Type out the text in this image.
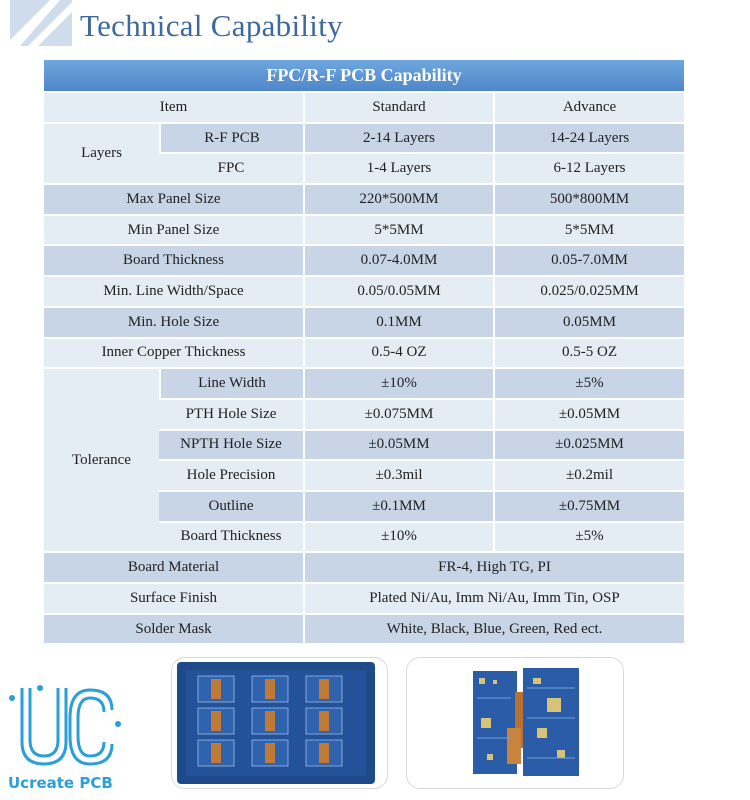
Technical Capability
FPC/R-F PCB Capability			
Item		Standard	Advance
Layers	R-F PCB	2-14 Layers	14-24 Layers
	FPC	1-4 Layers	6-12 Layers
Max Panel Size		220*500MM	500*800MM
Min Panel Size		5*5MM	5*5MM
Board Thickness		0.07-4.0MM	0.05-7.0MM
Min. Line Width/Space		0.05/0.05MM	0.025/0.025MM
Min. Hole Size		0.1MM	0.05MM
Inner Copper Thickness		0.5-4 OZ	0.5-5 OZ
Tolerance	Line Width	±10%	±5%
	PTH Hole Size	±0.075MM	±0.05MM
	NPTH Hole Size	±0.05MM	±0.025MM
	Hole Precision	±0.3mil	±0.2mil
	Outline	±0.1MM	±0.75MM
	Board Thickness	±10%	±5%
Board Material		FR-4, High TG, PI	
Surface Finish		Plated Ni/Au, Imm Ni/Au, Imm Tin, OSP	
Solder Mask		White, Black, Blue, Green, Red ect.	
Ucreate PCB
